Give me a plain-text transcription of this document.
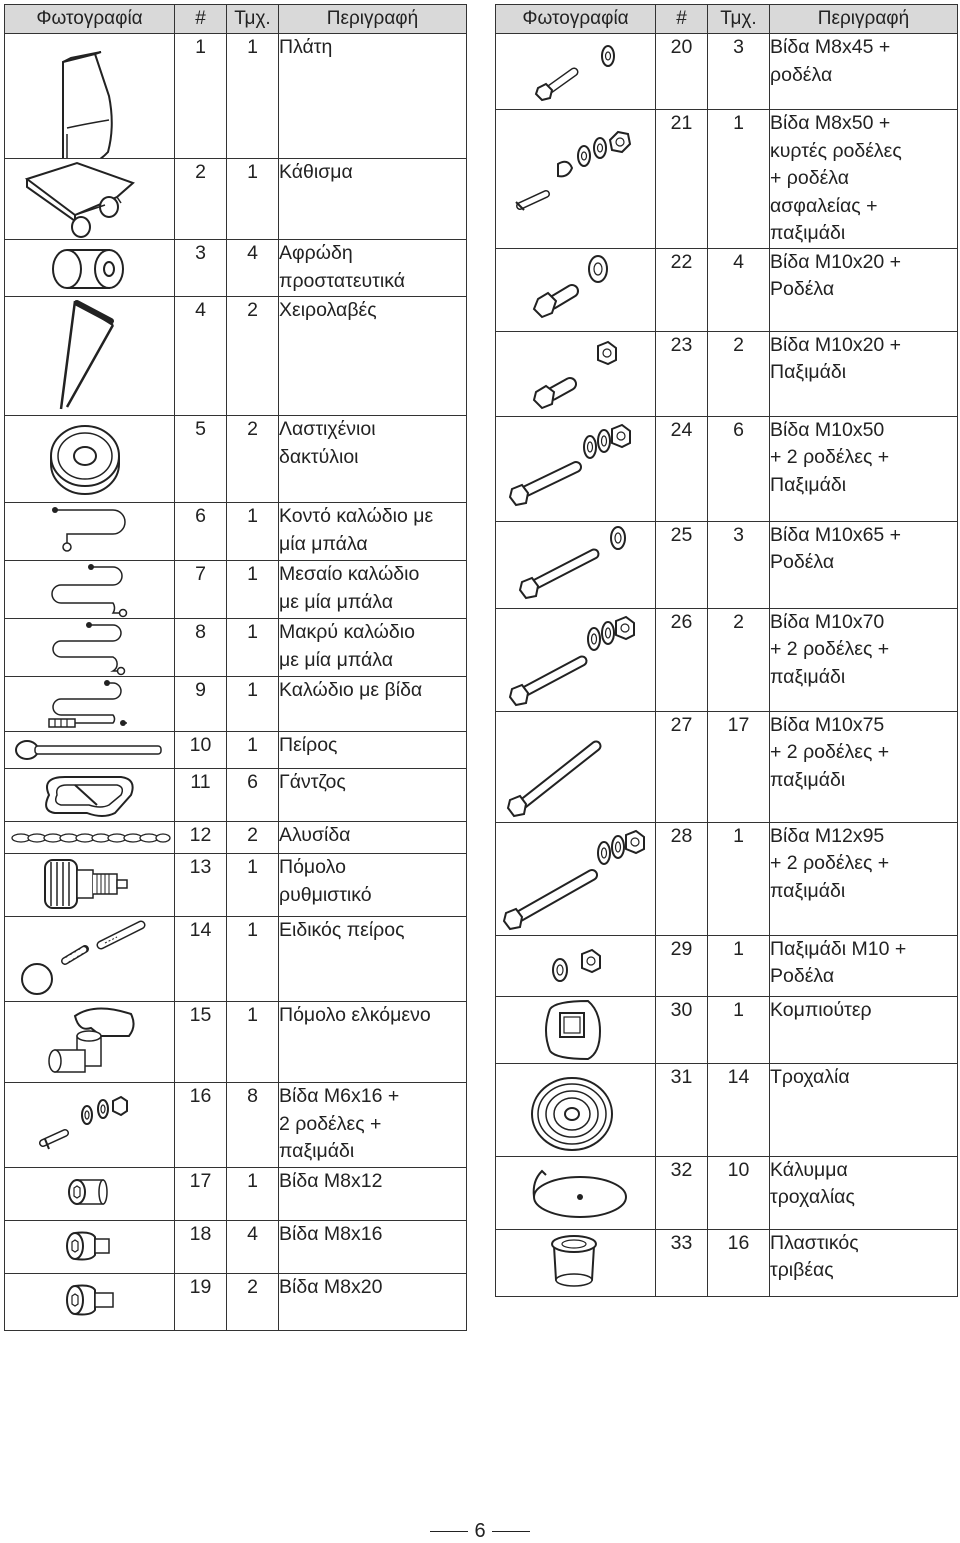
Φωτογραφία	#	Τμχ.	Περιγραφή

	1	1	Πλάτη

	2	1	Κάθισμα

	3	4	Αφρώδη
προστατευτικά

	4	2	Χειρολαβές

	5	2	Λαστιχένιοι
δακτύλιοι

	6	1	Κοντό καλώδιο με
μία μπάλα

	7	1	Μεσαίο καλώδιο
με μία μπάλα

	8	1	Μακρύ καλώδιο
με μία μπάλα

	9	1	Καλώδιο με βίδα

	10	1	Πείρος

	11	6	Γάντζος

	12	2	Αλυσίδα

	13	1	Πόμολο
ρυθμιστικό

	14	1	Ειδικός πείρος

	15	1	Πόμολο ελκόμενο

	16	8	Βίδα M6x16 +
2 ροδέλες +
παξιμάδι

	17	1	Βίδα M8x12

	18	4	Βίδα M8x16

	19	2	Βίδα M8x20
Φωτογραφία	#	Τμχ.	Περιγραφή

	20	3	Βίδα M8x45 +
ροδέλα

	21	1	Βίδα M8x50 +
κυρτές ροδέλες
+ ροδέλα
ασφαλείας +
παξιμάδι

	22	4	Βίδα M10x20 +
Ροδέλα

	23	2	Βίδα M10x20 +
Παξιμάδι

	24	6	Βίδα M10x50
+ 2 ροδέλες +
Παξιμάδι

	25	3	Βίδα M10x65 +
Ροδέλα

	26	2	Βίδα M10x70
+ 2 ροδέλες +
παξιμάδι

	27	17	Βίδα M10x75
+ 2 ροδέλες +
παξιμάδι

	28	1	Βίδα M12x95
+ 2 ροδέλες +
παξιμάδι

	29	1	Παξιμάδι M10 +
Ροδέλα

	30	1	Κομπιούτερ

	31	14	Τροχαλία

	32	10	Κάλυμμα
τροχαλίας

	33	16	Πλαστικός
τριβέας
6
